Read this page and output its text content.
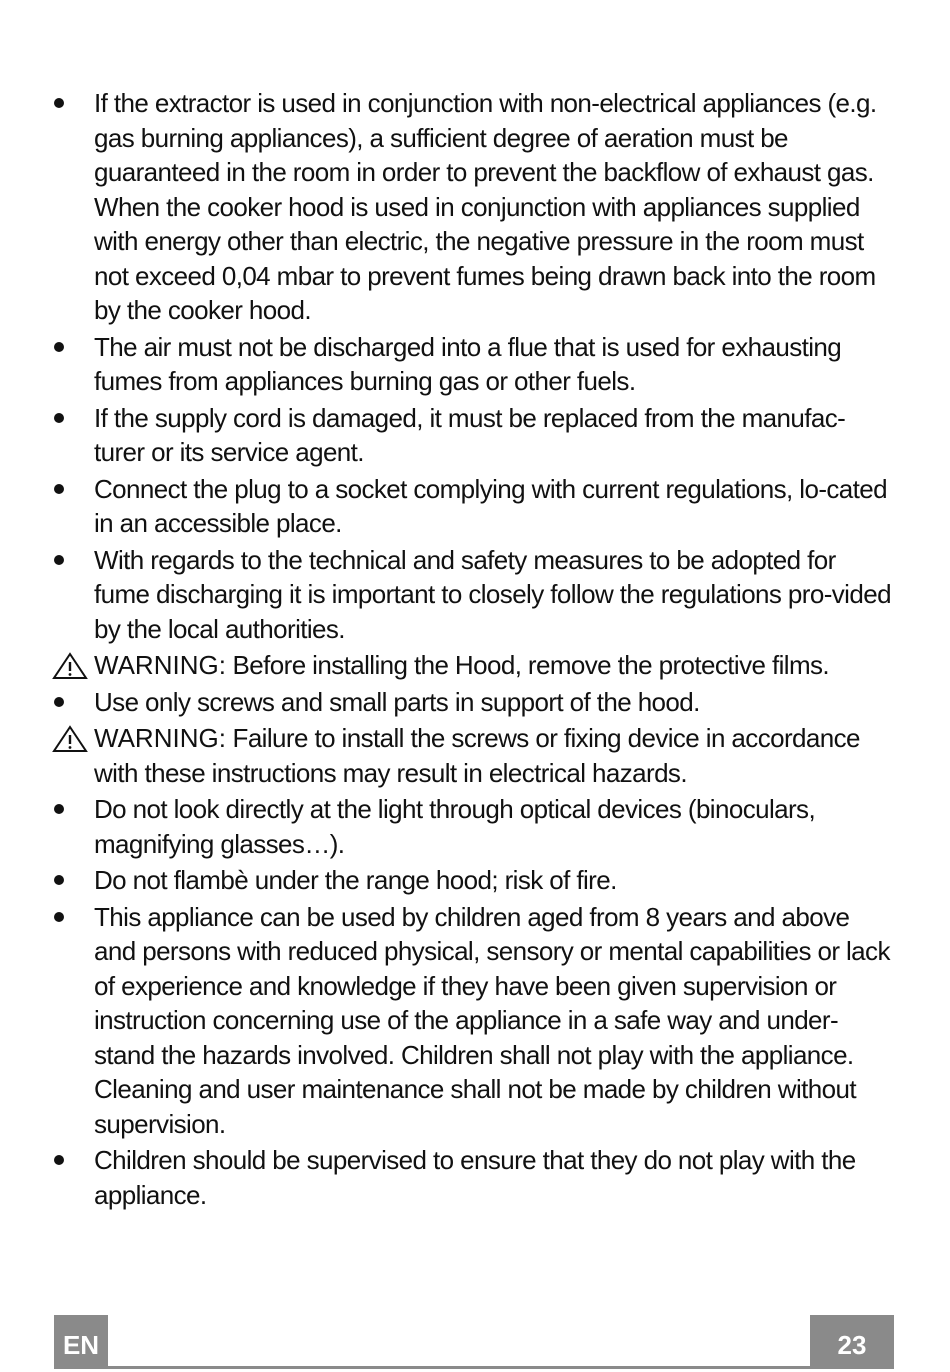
If the extractor is used in conjunction with non-electrical appliances (e.g. gas burning appliances), a sufficient degree of aeration must be guaranteed in the room in order to prevent the backflow of exhaust gas. When the cooker hood is used in conjunction with appliances supplied with energy other than electric, the negative pressure in the room must not exceed 0,04 mbar to prevent fumes being drawn back into the room by the cooker hood.
The air must not be discharged into a flue that is used for exhausting fumes from appliances burning gas or other fuels.
If the supply cord is damaged, it must be replaced from the manufac-turer or its service agent.
Connect the plug to a socket complying with current regulations, lo-cated in an accessible place.
With regards to the technical and safety measures to be adopted for fume discharging it is important to closely follow the regulations pro-vided by the local authorities.
WARNING: Before installing the Hood, remove the protective films.
Use only screws and small parts in support of the hood.
WARNING: Failure to install the screws or fixing device in accordance with these instructions may result in electrical hazards.
Do not look directly at the light through optical devices (binoculars, magnifying glasses…).
Do not flambè under the range hood; risk of fire.
This appliance can be used by children aged from 8 years and above and persons with reduced physical, sensory or mental capabilities or lack of experience and knowledge if they have been given supervision or instruction concerning use of the appliance in a safe way and under-stand the hazards involved. Children shall not play with the appliance. Cleaning and user maintenance shall not be made by children without supervision.
Children should be supervised to ensure that they do not play with the appliance.
EN	23
